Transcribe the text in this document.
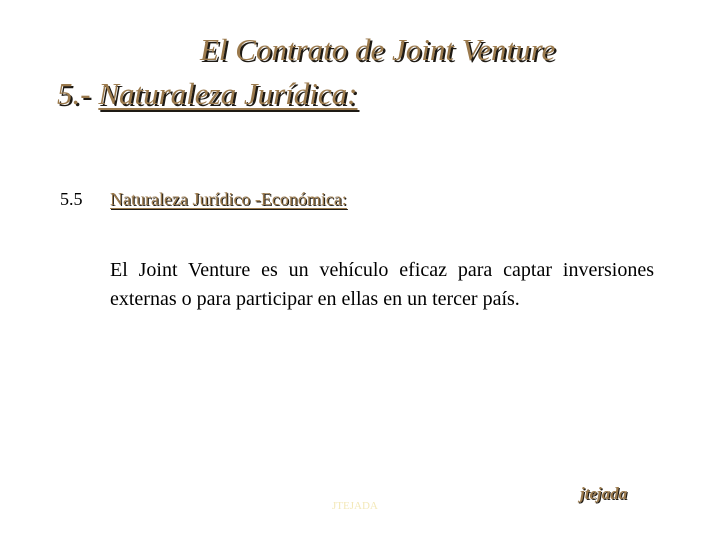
El Contrato de Joint Venture
5.- Naturaleza Jurídica:
5.5 Naturaleza Jurídico -Económica:
El Joint Venture es un vehículo eficaz para captar inversiones externas o para participar en ellas en un tercer país.
JTEJADA
jtejada
